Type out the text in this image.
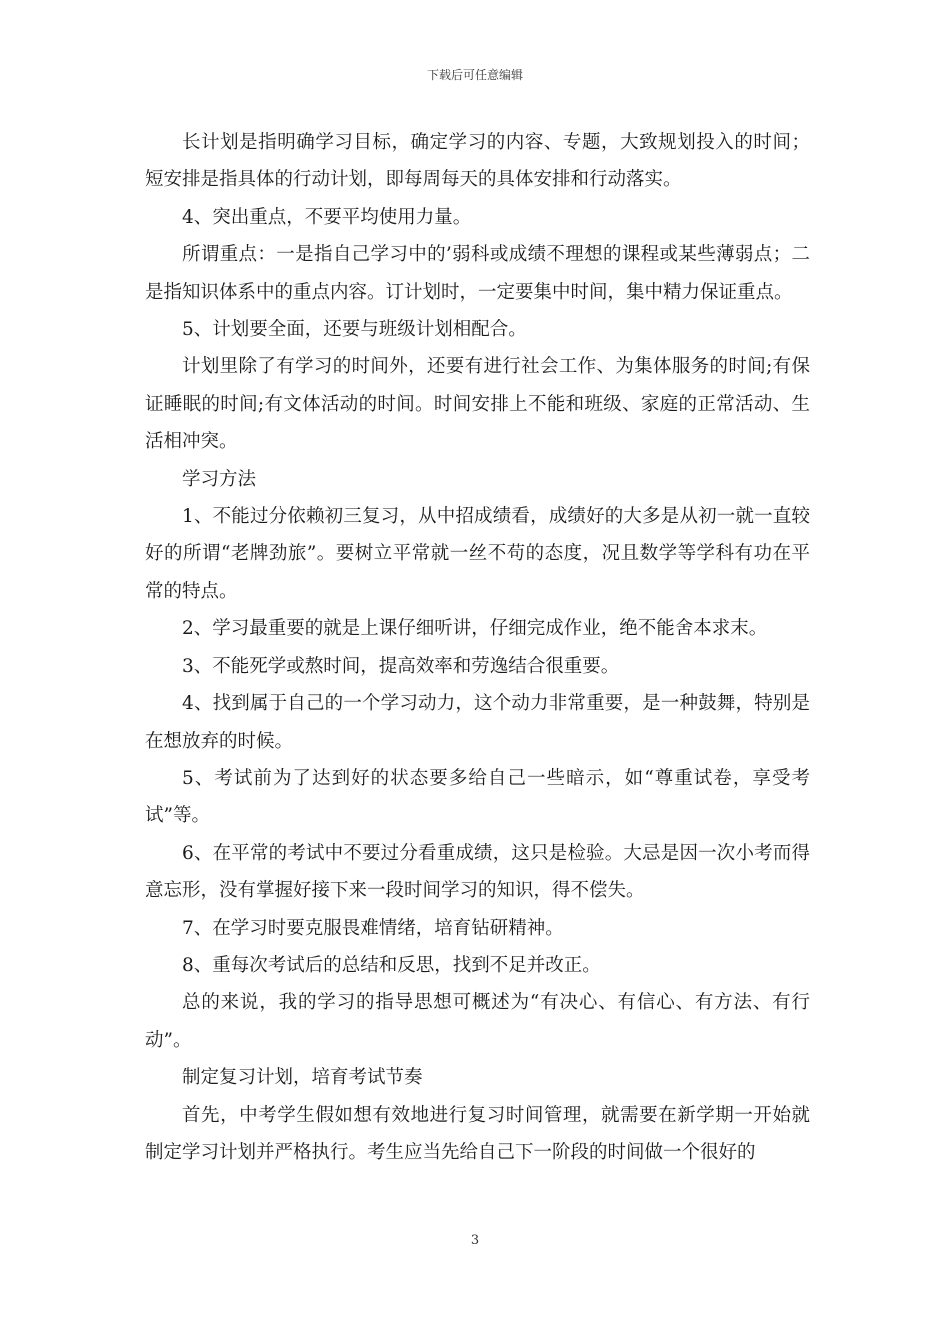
下载后可任意编辑

长计划是指明确学习目标，确定学习的内容、专题，大致规划投入的时间；短安排是指具体的行动计划，即每周每天的具体安排和行动落实。

4、突出重点，不要平均使用力量。

所谓重点：一是指自己学习中的’弱科或成绩不理想的课程或某些薄弱点；二是指知识体系中的重点内容。订计划时，一定要集中时间，集中精力保证重点。

5、计划要全面，还要与班级计划相配合。

计划里除了有学习的时间外，还要有进行社会工作、为集体服务的时间;有保证睡眠的时间;有文体活动的时间。时间安排上不能和班级、家庭的正常活动、生活相冲突。

学习方法

1、不能过分依赖初三复习，从中招成绩看，成绩好的大多是从初一就一直较好的所谓“老牌劲旅”。要树立平常就一丝不苟的态度，况且数学等学科有功在平常的特点。

2、学习最重要的就是上课仔细听讲，仔细完成作业，绝不能舍本求末。

3、不能死学或熬时间，提高效率和劳逸结合很重要。

4、找到属于自己的一个学习动力，这个动力非常重要，是一种鼓舞，特别是在想放弃的时候。

5、考试前为了达到好的状态要多给自己一些暗示，如“尊重试卷，享受考试”等。

6、在平常的考试中不要过分看重成绩，这只是检验。大忌是因一次小考而得意忘形，没有掌握好接下来一段时间学习的知识，得不偿失。

7、在学习时要克服畏难情绪，培育钻研精神。

8、重每次考试后的总结和反思，找到不足并改正。

总的来说，我的学习的指导思想可概述为“有决心、有信心、有方法、有行动”。

制定复习计划，培育考试节奏

首先，中考学生假如想有效地进行复习时间管理，就需要在新学期一开始就制定学习计划并严格执行。考生应当先给自己下一阶段的时间做一个很好的

3
